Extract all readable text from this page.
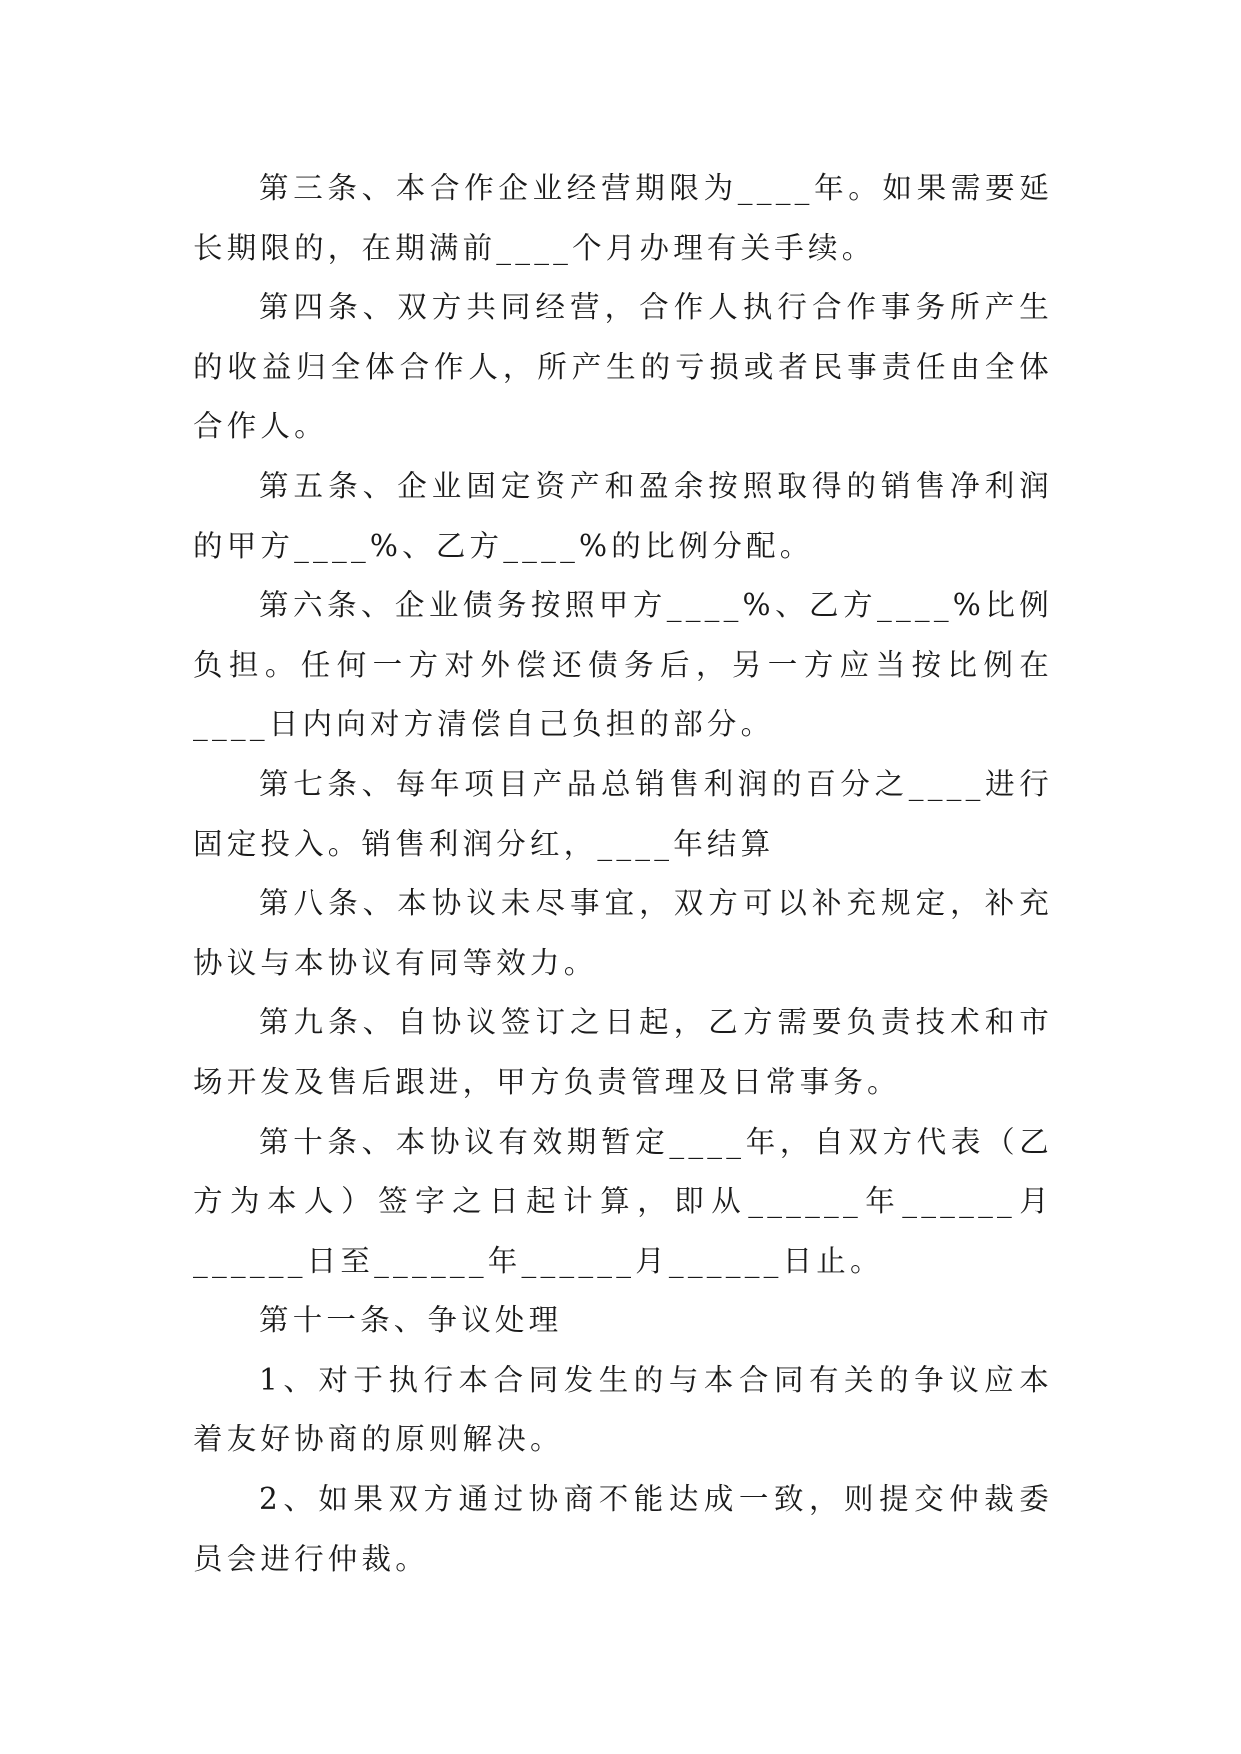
第三条、本合作企业经营期限为____年。如果需要延长期限的，在期满前____个月办理有关手续。

第四条、双方共同经营，合作人执行合作事务所产生的收益归全体合作人，所产生的亏损或者民事责任由全体合作人。

第五条、企业固定资产和盈余按照取得的销售净利润的甲方____%、乙方____%的比例分配。

第六条、企业债务按照甲方____%、乙方____%比例负担。任何一方对外偿还债务后，另一方应当按比例在____日内向对方清偿自己负担的部分。

第七条、每年项目产品总销售利润的百分之____进行固定投入。销售利润分红，____年结算

第八条、本协议未尽事宜，双方可以补充规定，补充协议与本协议有同等效力。

第九条、自协议签订之日起，乙方需要负责技术和市场开发及售后跟进，甲方负责管理及日常事务。

第十条、本协议有效期暂定____年，自双方代表（乙方为本人）签字之日起计算，即从______年______月______日至______年______月______日止。

第十一条、争议处理

1、对于执行本合同发生的与本合同有关的争议应本着友好协商的原则解决。

2、如果双方通过协商不能达成一致，则提交仲裁委员会进行仲裁。
